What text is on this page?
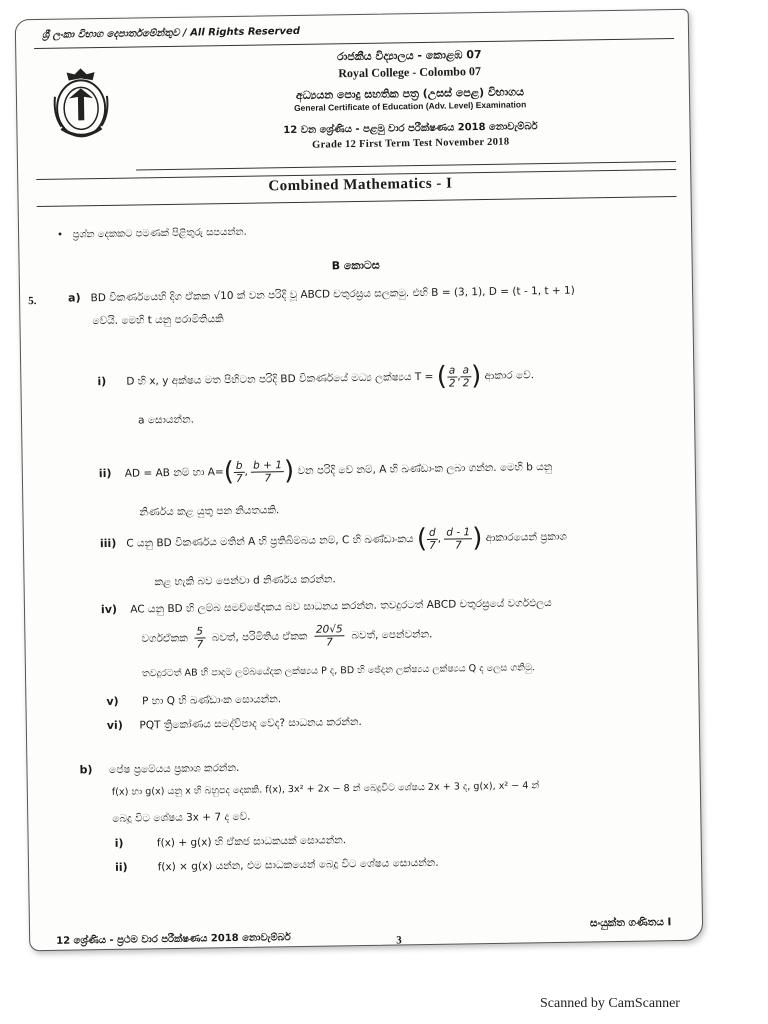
ශ්‍රී ලංකා විභාග දෙපාර්තමේන්තුව / All Rights Reserved
රාජකීය විද්‍යාලය - කොළඹ 07
Royal College - Colombo 07
අධ්‍යයන පොදු සහතික පත්‍ර (උසස් පෙළ) විභාගය
General Certificate of Education (Adv. Level) Examination
12 වන ශ්‍රේණිය - පළමු වාර පරීක්ෂණය 2018 නොවැම්බර්
Grade 12 First Term Test November 2018
Combined Mathematics - I
•   ප්‍රශ්න දෙකකට පමණක් පිළිතුරු සපයන්න.
B කොටස
5.	a) BD විකර්ණයෙහි දිග ඒකක √10 ක් වන පරිදි වූ ABCD චතුරස්‍රය සලකමු. එහි B = (3, 1), D = (t - 1, t + 1)
වේයි. මෙහි t යනු පරාමිතියකි
i) D හි x, y අක්ෂය මත පිහිටන පරිදි BD විකර්ණයේ මධ්‍ය ලක්ෂ්‍යය T = ( $\frac{a}{2}$ , $\frac{a}{2}$ ) ආකාර වේ.
a සොයන්න.
ii) AD = AB නම් හා $A=( \frac{b}{7}$ , $\frac{b + 1}{7}$ ) වන පරිදි වේ නම්, A හි ඛණ්ඩාංක ලබා ගන්න. මෙහි b යනු
නිර්ණය කළ යුතු පන නියතයකි.
iii) C යනු BD විකර්ණය මතින් A හි ප්‍රතිබිම්බය නම්, C හි ඛණ්ඩාංකය ( $\frac{d}{7}$ , $\frac{d - 1}{7}$ ) ආකාරයෙන් ප්‍රකාශ
කළ හැකි බව පෙන්වා d නිර්ණය කරන්න.
iv) AC යනු BD හි ලම්බ සමච්ඡේදකය බව සාධනය කරන්න. තවදුරටත් ABCD චතුරස්‍රයේ වර්ගඵලය
වර්ගඒකක $\frac{5}{7}$ බවත්, පරිමිතිය ඒකක $\frac{20√5}{7}$ බවත්, පෙන්වන්න.
තවදුරටත් AB හි පාදම ලම්බයේදක ලක්ෂ්‍යය P ද, BD හි ඡේදන ලක්ෂ්‍යය ලක්ෂ්‍යය Q ද ලෙස ගනිමු.
v) P හා Q හි ඛණ්ඩාංක සොයන්න.
vi) PQT ත්‍රිකෝණය සමද්විපාද වේද? සාධනය කරන්න.
b) පේෂ ප්‍රමේයය ප්‍රකාශ කරන්න.
f(x) හා g(x) යනු x හි බහුපද දෙකකි. f(x), 3x² + 2x − 8 න් බෙදූවිට ශේෂය 2x + 3 ද, g(x), x² − 4 න්
බෙදූ විට ශේෂය 3x + 7 ද වේ.
i)	f(x) + g(x) හි ඒකජ සාධකයක් සොයන්න.
ii)	f(x) × g(x) යන්න, එම සාධකයෙන් බෙදූ විට ශේෂය සොයන්න.
12 ශ්‍රේණිය - ප්‍රථම වාර පරීක්ෂණය 2018 නොවැම්බර්	3
සංයුක්ත ගණිතය I
Scanned by CamScanner
